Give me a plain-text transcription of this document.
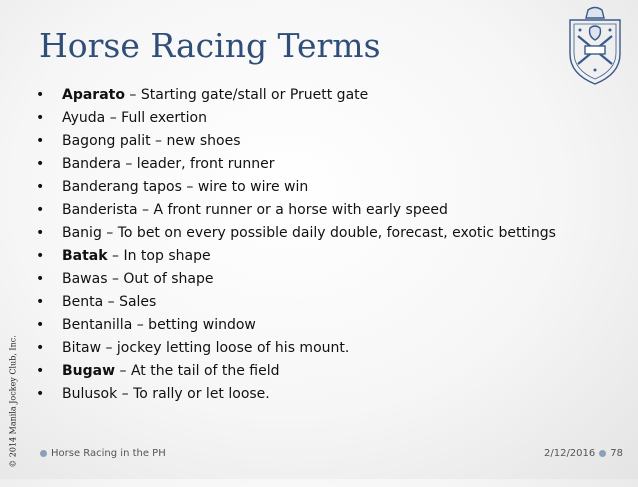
Horse Racing Terms
© 2014 Manila Jockey Club, Inc.
• Aparato – Starting gate/stall or Pruett gate
• Ayuda – Full exertion
• Bagong palit – new shoes
• Bandera – leader, front runner
• Banderang tapos – wire to wire win
• Banderista – A front runner or a horse with early speed
• Banig – To bet on every possible daily double, forecast, exotic bettings
• Batak – In top shape
• Bawas – Out of shape
• Benta – Sales
• Bentanilla – betting window
• Bitaw – jockey letting loose of his mount.
• Bugaw – At the tail of the field
• Bulusok – To rally or let loose.
Horse Racing in the PH	2/12/2016 78
